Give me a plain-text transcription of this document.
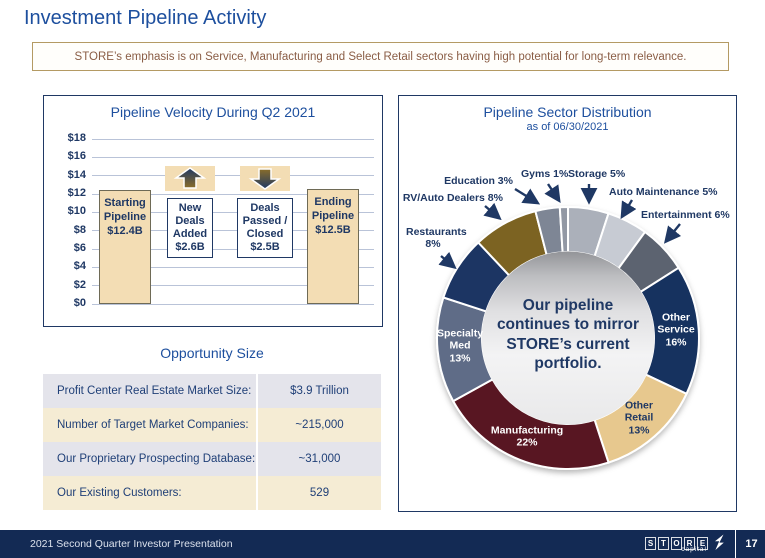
Investment Pipeline Activity
STORE’s emphasis is on Service, Manufacturing and Select Retail sectors having high potential for long-term relevance.
Pipeline Velocity During Q2 2021
$0
$2
$4
$6
$8
$10
$12
$14
$16
$18
Starting Pipeline
$12.4B
New Deals Added
$2.6B
Deals Passed / Closed
$2.5B
Ending Pipeline
$12.5B
Opportunity Size
Profit Center Real Estate Market Size:	$3.9 Trillion
Number of Target Market Companies:	~215,000
Our Proprietary Prospecting Database:	~31,000
Our Existing Customers:	529
Pipeline Sector Distribution
as of 06/30/2021
Our pipeline continues to mirror STORE’s current portfolio.
Storage 5%
Auto Maintenance 5%
Entertainment 6%
Other
Service
16%
Other
Retail
13%
Manufacturing
22%
Specialty
Med
13%
Restaurants
8%
RV/Auto Dealers 8%
Education 3%
Gyms 1%
2021 Second Quarter Investor Presentation	S T O R E
capital	17
